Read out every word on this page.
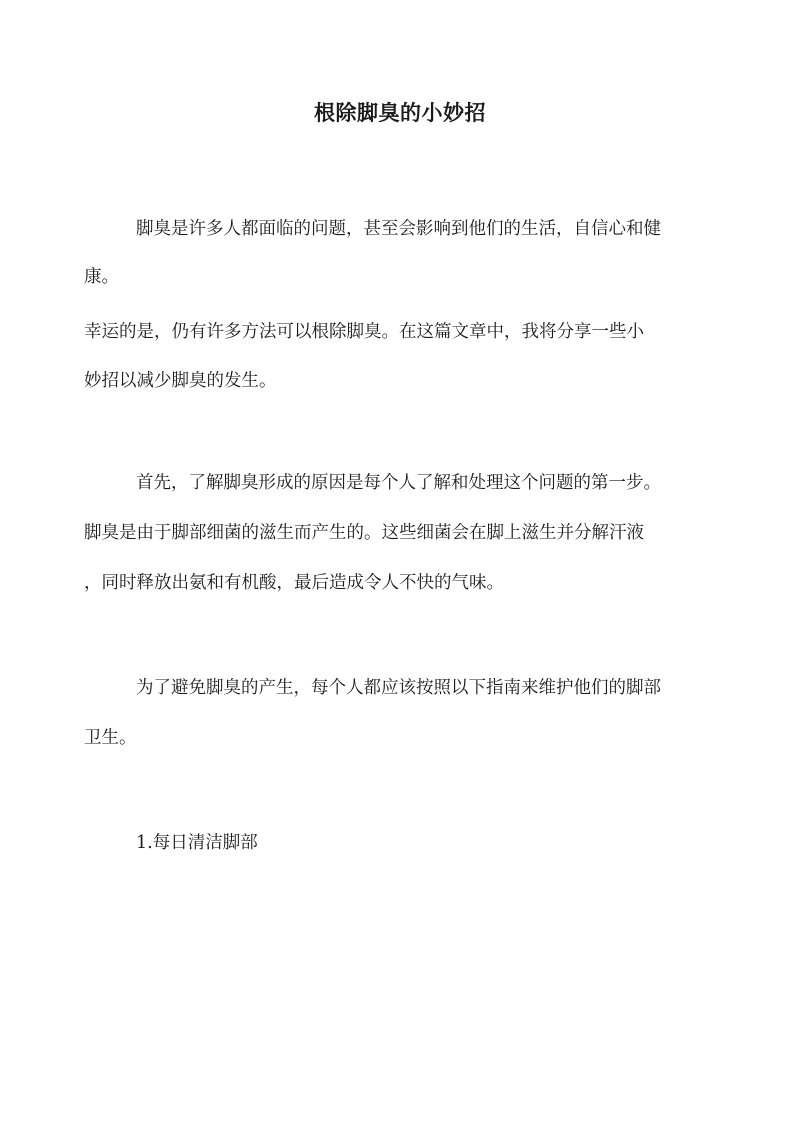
根除脚臭的小妙招
脚臭是许多人都面临的问题，甚至会影响到他们的生活，自信心和健
康。
幸运的是，仍有许多方法可以根除脚臭。在这篇文章中，我将分享一些小
妙招以减少脚臭的发生。
首先，了解脚臭形成的原因是每个人了解和处理这个问题的第一步。
脚臭是由于脚部细菌的滋生而产生的。这些细菌会在脚上滋生并分解汗液
，同时释放出氨和有机酸，最后造成令人不快的气味。
为了避免脚臭的产生，每个人都应该按照以下指南来维护他们的脚部
卫生。
1.每日清洁脚部
